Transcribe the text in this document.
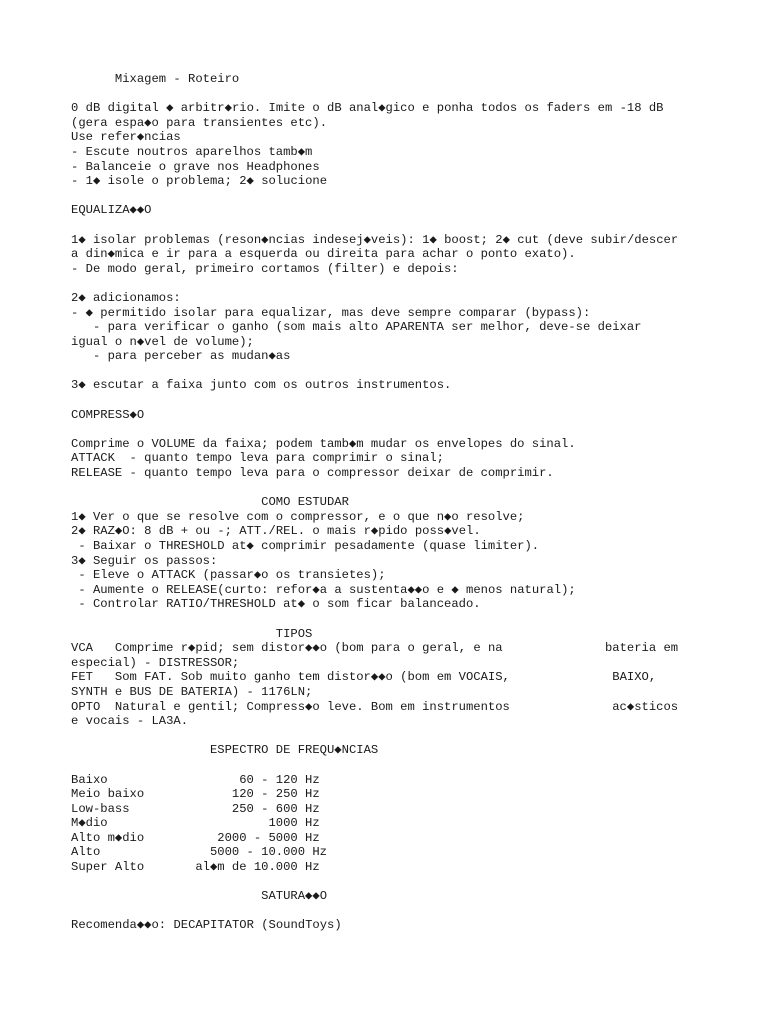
Mixagem - Roteiro
0 dB digital ◆ arbitr◆rio. Imite o dB anal◆gico e ponha todos os faders em -18 dB
(gera espa◆o para transientes etc).
Use refer◆ncias
- Escute noutros aparelhos tamb◆m
- Balanceie o grave nos Headphones
- 1◆ isole o problema; 2◆ solucione
EQUALIZA◆◆O
1◆ isolar problemas (reson◆ncias indesej◆veis): 1◆ boost; 2◆ cut (deve subir/descer
a din◆mica e ir para a esquerda ou direita para achar o ponto exato).
- De modo geral, primeiro cortamos (filter) e depois:
2◆ adicionamos:
- ◆ permitido isolar para equalizar, mas deve sempre comparar (bypass):
- para verificar o ganho (som mais alto APARENTA ser melhor, deve-se deixar
igual o n◆vel de volume);
- para perceber as mudan◆as
3◆ escutar a faixa junto com os outros instrumentos.
COMPRESS◆O
Comprime o VOLUME da faixa; podem tamb◆m mudar os envelopes do sinal.
ATTACK  - quanto tempo leva para comprimir o sinal;
RELEASE - quanto tempo leva para o compressor deixar de comprimir.
COMO ESTUDAR
1◆ Ver o que se resolve com o compressor, e o que n◆o resolve;
2◆ RAZ◆O: 8 dB + ou -; ATT./REL. o mais r◆pido poss◆vel.
- Baixar o THRESHOLD at◆ comprimir pesadamente (quase limiter).
3◆ Seguir os passos:
- Eleve o ATTACK (passar◆o os transietes);
- Aumente o RELEASE(curto: refor◆a a sustenta◆◆o e ◆ menos natural);
- Controlar RATIO/THRESHOLD at◆ o som ficar balanceado.
TIPOS
VCA   Comprime r◆pid; sem distor◆◆o (bom para o geral, e na              bateria em
especial) - DISTRESSOR;
FET   Som FAT. Sob muito ganho tem distor◆◆o (bom em VOCAIS,              BAIXO,
SYNTH e BUS DE BATERIA) - 1176LN;
OPTO  Natural e gentil; Compress◆o leve. Bom em instrumentos              ac◆sticos
e vocais - LA3A.
ESPECTRO DE FREQU◆NCIAS
Baixo                  60 - 120 Hz
Meio baixo            120 - 250 Hz
Low-bass              250 - 600 Hz
M◆dio                      1000 Hz
Alto m◆dio          2000 - 5000 Hz
Alto               5000 - 10.000 Hz
Super Alto       al◆m de 10.000 Hz
SATURA◆◆O
Recomenda◆◆o: DECAPITATOR (SoundToys)
